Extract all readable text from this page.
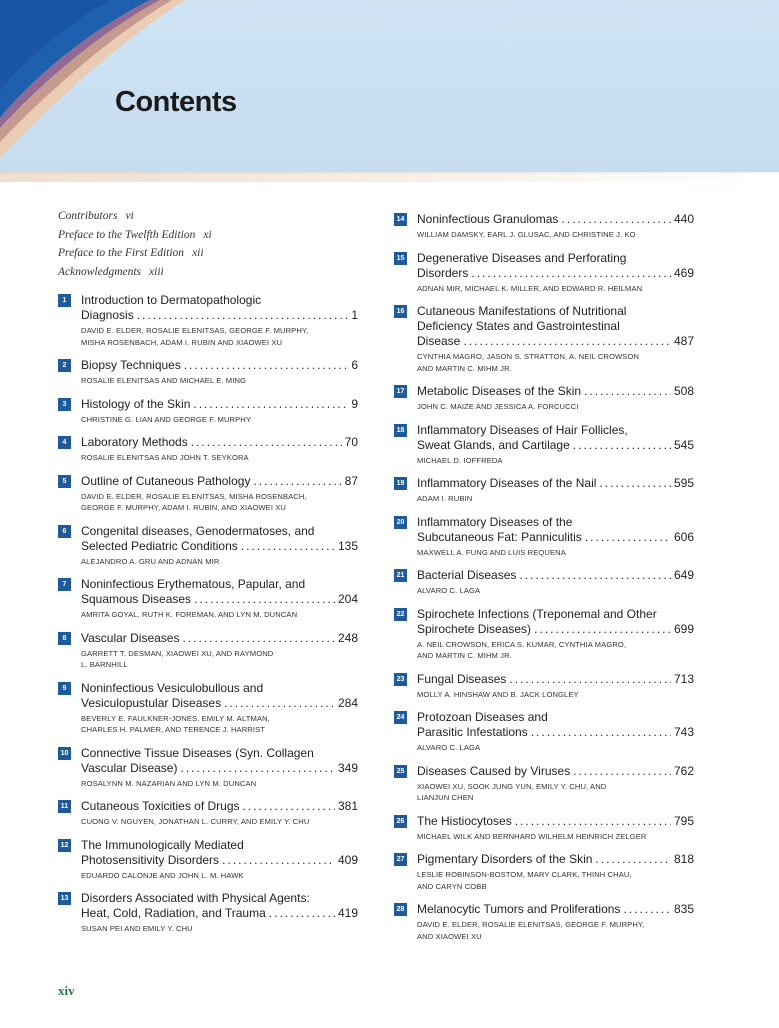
Contents
Contributors vi
Preface to the Twelfth Edition xi
Preface to the First Edition xii
Acknowledgments xiii
1	Introduction to Dermatopathologic
Diagnosis .....	1
DAVID E. ELDER, ROSALIE ELENITSAS, GEORGE F. MURPHY,
MISHA ROSENBACH, ADAM I. RUBIN AND XIAOWEI XU
2	Biopsy Techniques .....	6
ROSALIE ELENITSAS AND MICHAEL E. MING
3	Histology of the Skin .....	9
CHRISTINE G. LIAN AND GEORGE F. MURPHY
4	Laboratory Methods .....	70
ROSALIE ELENITSAS AND JOHN T. SEYKORA
5	Outline of Cutaneous Pathology .....	87
DAVID E. ELDER, ROSALIE ELENITSAS, MISHA ROSENBACH,
GEORGE F. MURPHY, ADAM I. RUBIN, AND XIAOWEI XU
6	Congenital diseases, Genodermatoses, and
Selected Pediatric Conditions .....	135
ALEJANDRO A. GRU AND ADNAN MIR
7	Noninfectious Erythematous, Papular, and
Squamous Diseases .....	204
AMRITA GOYAL, RUTH K. FOREMAN, AND LYN M. DUNCAN
8	Vascular Diseases .....	248
GARRETT T. DESMAN, XIAOWEI XU, AND RAYMOND
L. BARNHILL
9	Noninfectious Vesiculobullous and
Vesiculopustular Diseases .....	284
BEVERLY E. FAULKNER-JONES, EMILY M. ALTMAN,
CHARLES H. PALMER, AND TERENCE J. HARRIST
10 Connective Tissue Diseases (Syn. Collagen
Vascular Disease) .....	349
ROSALYNN M. NAZARIAN AND LYN M. DUNCAN
11 Cutaneous Toxicities of Drugs .....	381
CUONG V. NGUYEN, JONATHAN L. CURRY, AND EMILY Y. CHU
12 The Immunologically Mediated
Photosensitivity Disorders .....	409
EDUARDO CALONJE AND JOHN L. M. HAWK
13 Disorders Associated with Physical Agents:
Heat, Cold, Radiation, and Trauma .....	419
SUSAN PEI AND EMILY Y. CHU
14 Noninfectious Granulomas .....	440
WILLIAM DAMSKY, EARL J. GLUSAC, AND CHRISTINE J. KO
15 Degenerative Diseases and Perforating
Disorders .....	469
ADNAN MIR, MICHAEL K. MILLER, AND EDWARD R. HEILMAN
16 Cutaneous Manifestations of Nutritional
Deficiency States and Gastrointestinal
Disease .....	487
CYNTHIA MAGRO, JASON S. STRATTON, A. NEIL CROWSON
AND MARTIN C. MIHM JR.
17 Metabolic Diseases of the Skin .....	508
JOHN C. MAIZE AND JESSICA A. FORCUCCI
18 Inflammatory Diseases of Hair Follicles,
Sweat Glands, and Cartilage .....	545
MICHAEL D. IOFFREDA
19 Inflammatory Diseases of the Nail .....	595
ADAM I. RUBIN
20 Inflammatory Diseases of the
Subcutaneous Fat: Panniculitis .....	606
MAXWELL A. FUNG AND LUIS REQUENA
21 Bacterial Diseases .....	649
ALVARO C. LAGA
22 Spirochete Infections (Treponemal and Other
Spirochete Diseases) .....	699
A. NEIL CROWSON, ERICA S. KUMAR, CYNTHIA MAGRO,
AND MARTIN C. MIHM JR.
23 Fungal Diseases .....	713
MOLLY A. HINSHAW AND B. JACK LONGLEY
24 Protozoan Diseases and
Parasitic Infestations .....	743
ALVARO C. LAGA
25 Diseases Caused by Viruses .....	762
XIAOWEI XU, SOOK JUNG YUN, EMILY Y. CHU, AND
LIANJUN CHEN
26 The Histiocytoses .....	795
MICHAEL WILK AND BERNHARD WILHELM HEINRICH ZELGER
27 Pigmentary Disorders of the Skin .....	818
LESLIE ROBINSON-BOSTOM, MARY CLARK, THINH CHAU,
AND CARYN COBB
28 Melanocytic Tumors and Proliferations .....	835
DAVID E. ELDER, ROSALIE ELENITSAS, GEORGE F. MURPHY,
AND XIAOWEI XU
xiv
